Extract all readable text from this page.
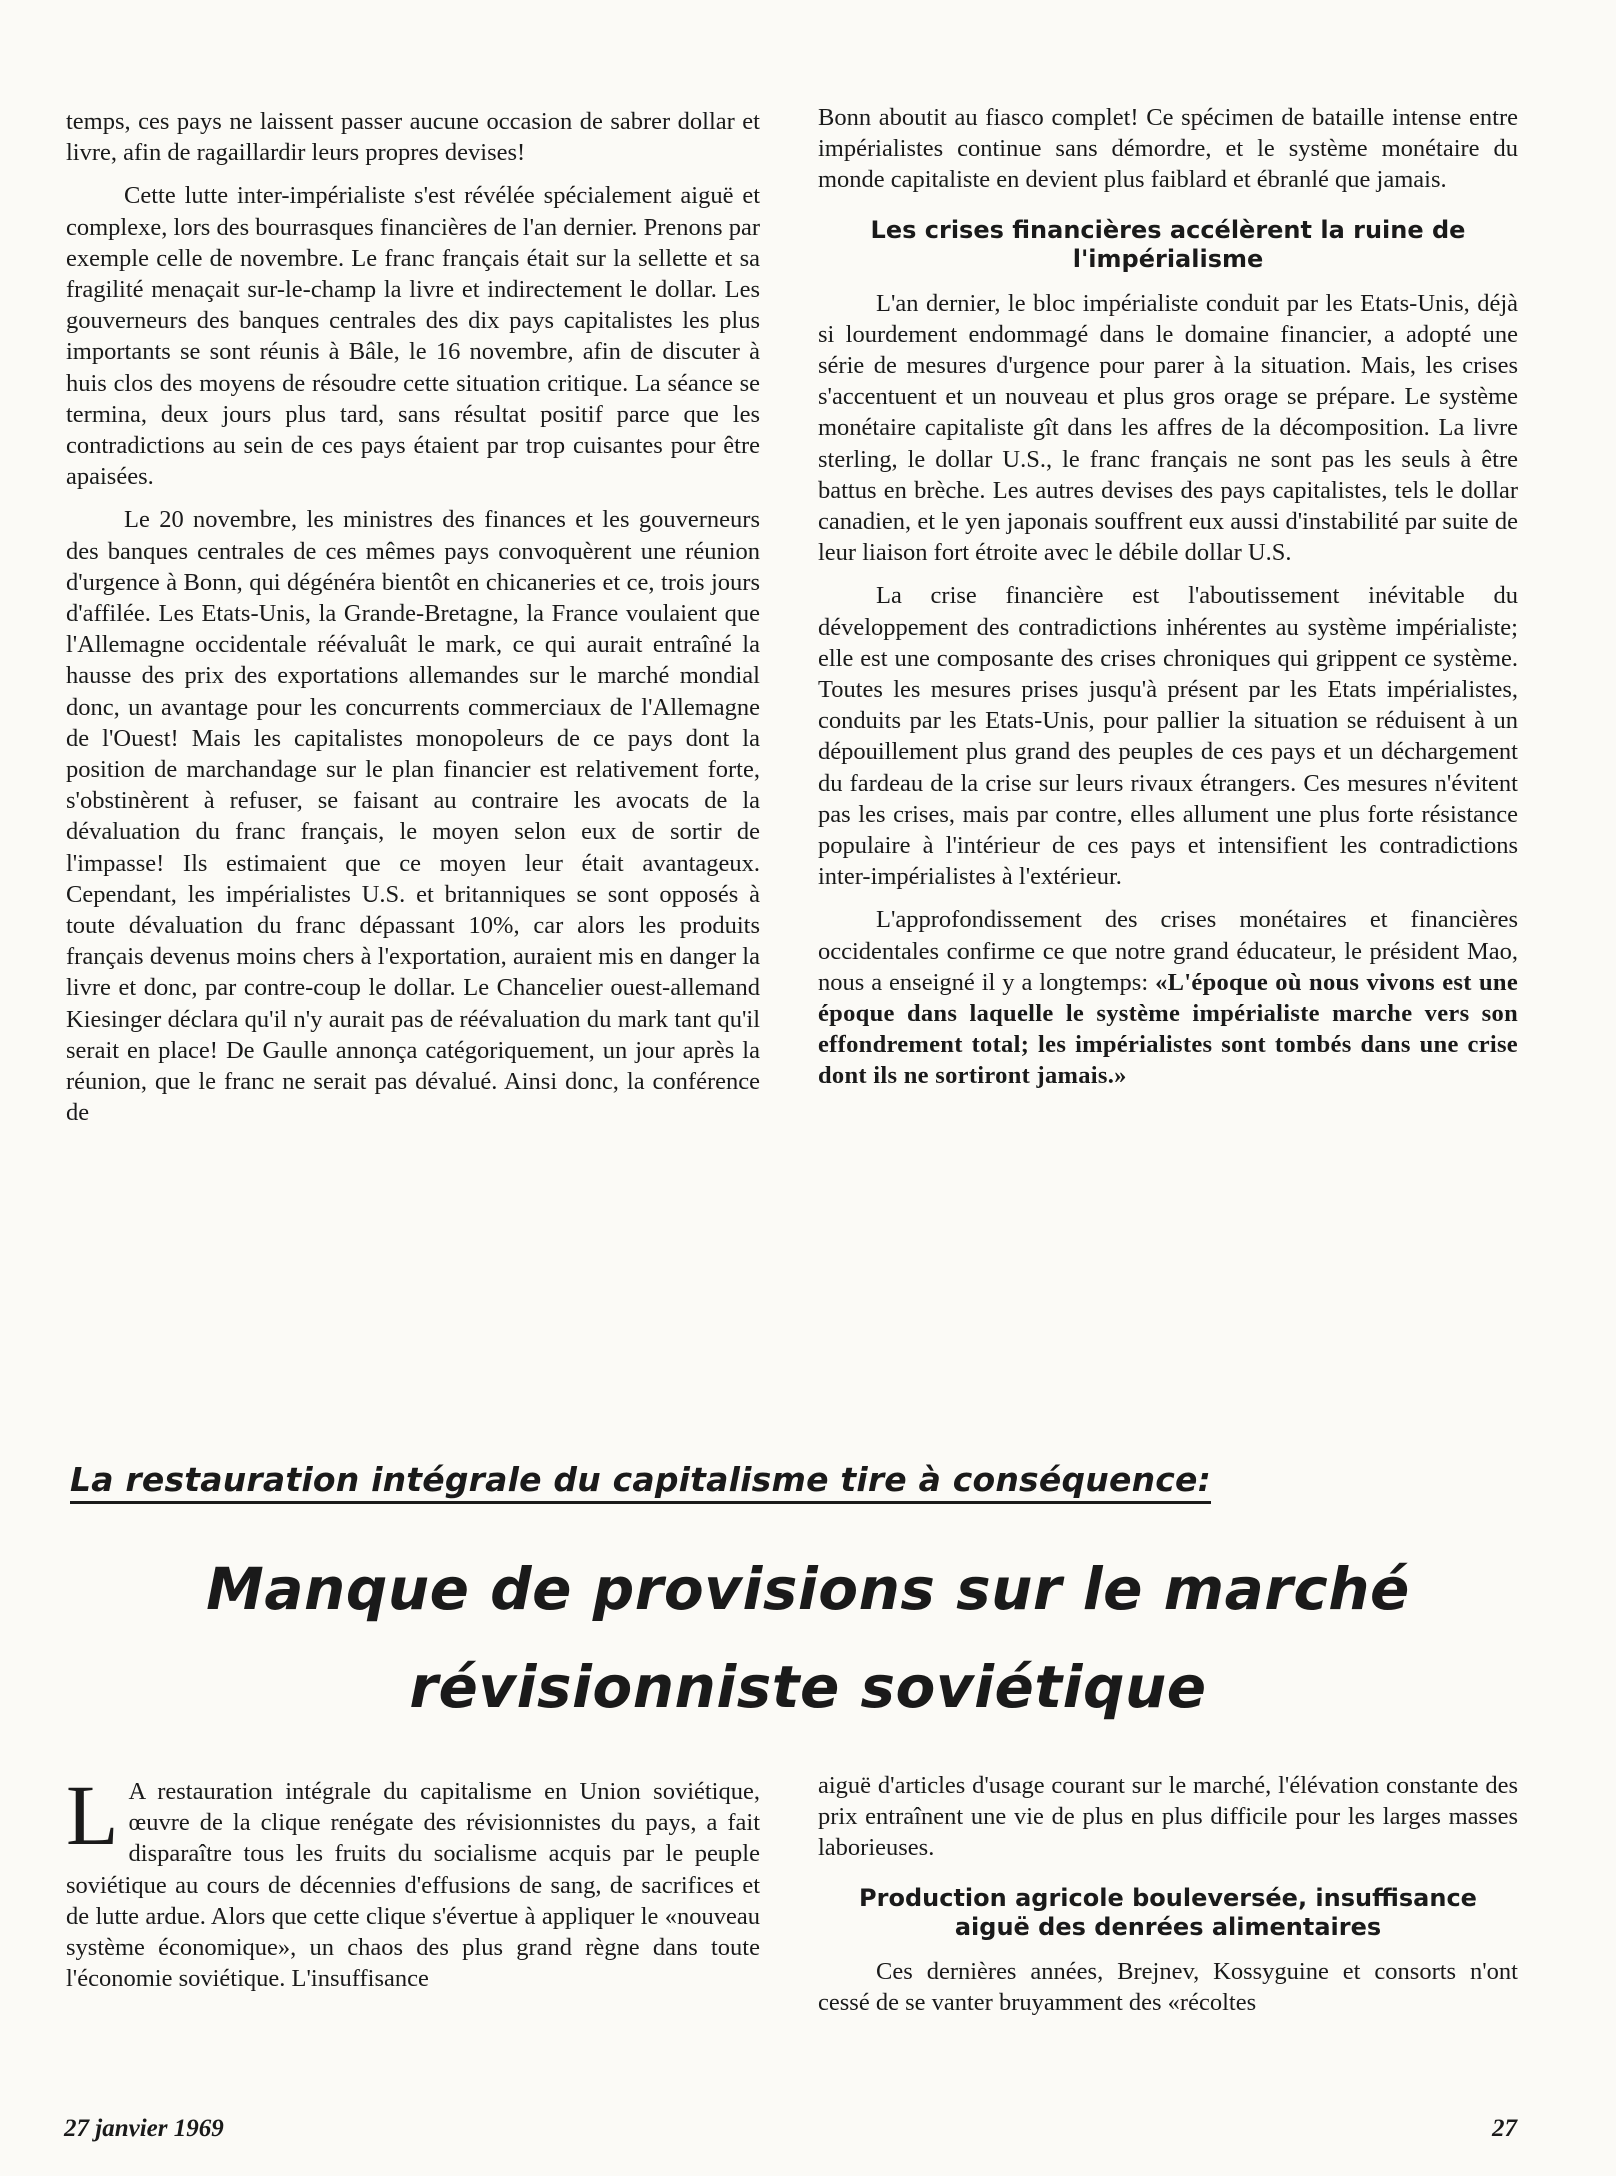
temps, ces pays ne laissent passer aucune occasion de sabrer dollar et livre, afin de ragaillardir leurs propres devises!

Cette lutte inter-impérialiste s'est révélée spécialement aiguë et complexe, lors des bourrasques financières de l'an dernier. Prenons par exemple celle de novembre. Le franc français était sur la sellette et sa fragilité menaçait sur-le-champ la livre et indirectement le dollar. Les gouverneurs des banques centrales des dix pays capitalistes les plus importants se sont réunis à Bâle, le 16 novembre, afin de discuter à huis clos des moyens de résoudre cette situation critique. La séance se termina, deux jours plus tard, sans résultat positif parce que les contradictions au sein de ces pays étaient par trop cuisantes pour être apaisées.

Le 20 novembre, les ministres des finances et les gouverneurs des banques centrales de ces mêmes pays convoquèrent une réunion d'urgence à Bonn, qui dégénéra bientôt en chicaneries et ce, trois jours d'affilée. Les Etats-Unis, la Grande-Bretagne, la France voulaient que l'Allemagne occidentale réévaluât le mark, ce qui aurait entraîné la hausse des prix des exportations allemandes sur le marché mondial donc, un avantage pour les concurrents commerciaux de l'Allemagne de l'Ouest! Mais les capitalistes monopoleurs de ce pays dont la position de marchandage sur le plan financier est relativement forte, s'obstinèrent à refuser, se faisant au contraire les avocats de la dévaluation du franc français, le moyen selon eux de sortir de l'impasse! Ils estimaient que ce moyen leur était avantageux. Cependant, les impérialistes U.S. et britanniques se sont opposés à toute dévaluation du franc dépassant 10%, car alors les produits français devenus moins chers à l'exportation, auraient mis en danger la livre et donc, par contre-coup le dollar. Le Chancelier ouest-allemand Kiesinger déclara qu'il n'y aurait pas de réévaluation du mark tant qu'il serait en place! De Gaulle annonça catégoriquement, un jour après la réunion, que le franc ne serait pas dévalué. Ainsi donc, la conférence de

Bonn aboutit au fiasco complet! Ce spécimen de bataille intense entre impérialistes continue sans démordre, et le système monétaire du monde capitaliste en devient plus faiblard et ébranlé que jamais.

Les crises financières accélèrent la ruine de l'impérialisme

L'an dernier, le bloc impérialiste conduit par les Etats-Unis, déjà si lourdement endommagé dans le domaine financier, a adopté une série de mesures d'urgence pour parer à la situation. Mais, les crises s'accentuent et un nouveau et plus gros orage se prépare. Le système monétaire capitaliste gît dans les affres de la décomposition. La livre sterling, le dollar U.S., le franc français ne sont pas les seuls à être battus en brèche. Les autres devises des pays capitalistes, tels le dollar canadien, et le yen japonais souffrent eux aussi d'instabilité par suite de leur liaison fort étroite avec le débile dollar U.S.

La crise financière est l'aboutissement inévitable du développement des contradictions inhérentes au système impérialiste; elle est une composante des crises chroniques qui grippent ce système. Toutes les mesures prises jusqu'à présent par les Etats impérialistes, conduits par les Etats-Unis, pour pallier la situation se réduisent à un dépouillement plus grand des peuples de ces pays et un déchargement du fardeau de la crise sur leurs rivaux étrangers. Ces mesures n'évitent pas les crises, mais par contre, elles allument une plus forte résistance populaire à l'intérieur de ces pays et intensifient les contradictions inter-impérialistes à l'extérieur.

L'approfondissement des crises monétaires et financières occidentales confirme ce que notre grand éducateur, le président Mao, nous a enseigné il y a longtemps: «L'époque où nous vivons est une époque dans laquelle le système impérialiste marche vers son effondrement total; les impérialistes sont tombés dans une crise dont ils ne sortiront jamais.»

La restauration intégrale du capitalisme tire à conséquence:
Manque de provisions sur le marché
révisionniste soviétique

L A restauration intégrale du capitalisme en Union soviétique, œuvre de la clique renégate des révisionnistes du pays, a fait disparaître tous les fruits du socialisme acquis par le peuple soviétique au cours de décennies d'effusions de sang, de sacrifices et de lutte ardue. Alors que cette clique s'évertue à appliquer le «nouveau système économique», un chaos des plus grand règne dans toute l'économie soviétique. L'insuffisance

aiguë d'articles d'usage courant sur le marché, l'élévation constante des prix entraînent une vie de plus en plus difficile pour les larges masses laborieuses.

Production agricole bouleversée, insuffisance aiguë des denrées alimentaires

Ces dernières années, Brejnev, Kossyguine et consorts n'ont cessé de se vanter bruyamment des «récoltes

27 janvier 1969	27
